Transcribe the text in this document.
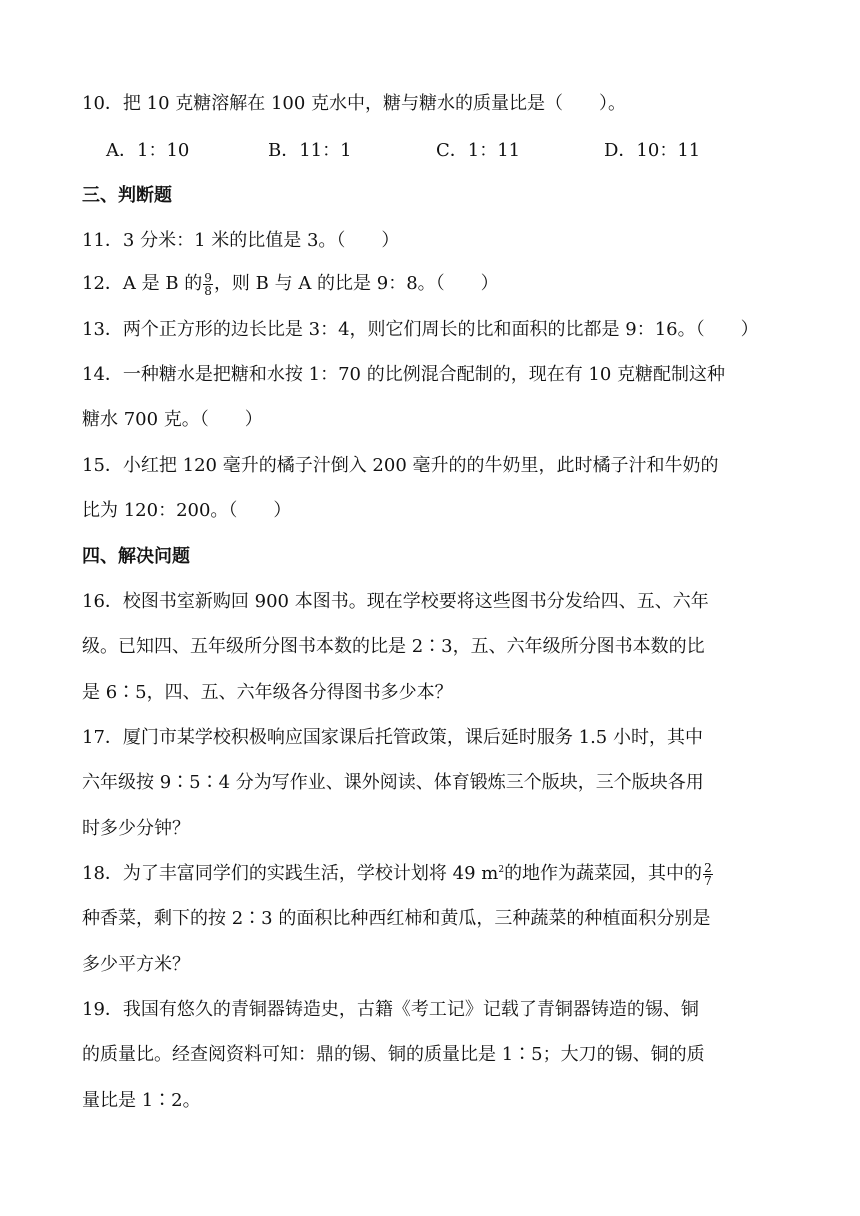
10．把 10 克糖溶解在 100 克水中，糖与糖水的质量比是（　　）。
A．1：10	B．11：1	C．1：11	D．10：11
三、判断题
11．3 分米：1 米的比值是 3。（　　）
12．A 是 B 的 $\frac{9}{8}$ ，则 B 与 A 的比是 9：8。（　　）
13．两个正方形的边长比是 3：4，则它们周长的比和面积的比都是 9：16。（　　）
14．一种糖水是把糖和水按 1：70 的比例混合配制的，现在有 10 克糖配制这种
糖水 700 克。（　　）
15．小红把 120 毫升的橘子汁倒入 200 毫升的的牛奶里，此时橘子汁和牛奶的
比为 120：200。（　　）
四、解决问题
16．校图书室新购回 900 本图书。现在学校要将这些图书分发给四、五、六年
级。已知四、五年级所分图书本数的比是 2∶3，五、六年级所分图书本数的比
是 6∶5，四、五、六年级各分得图书多少本？
17．厦门市某学校积极响应国家课后托管政策，课后延时服务 1.5 小时，其中
六年级按 9∶5∶4 分为写作业、课外阅读、体育锻炼三个版块，三个版块各用
时多少分钟？
18．为了丰富同学们的实践生活，学校计划将 49 $m^2$的地作为蔬菜园，其中的 $\frac{2}{7}$
种香菜，剩下的按 2∶3 的面积比种西红柿和黄瓜，三种蔬菜的种植面积分别是
多少平方米？
19．我国有悠久的青铜器铸造史，古籍《考工记》记载了青铜器铸造的锡、铜
的质量比。经查阅资料可知：鼎的锡、铜的质量比是 1∶5；大刀的锡、铜的质
量比是 1∶2。
